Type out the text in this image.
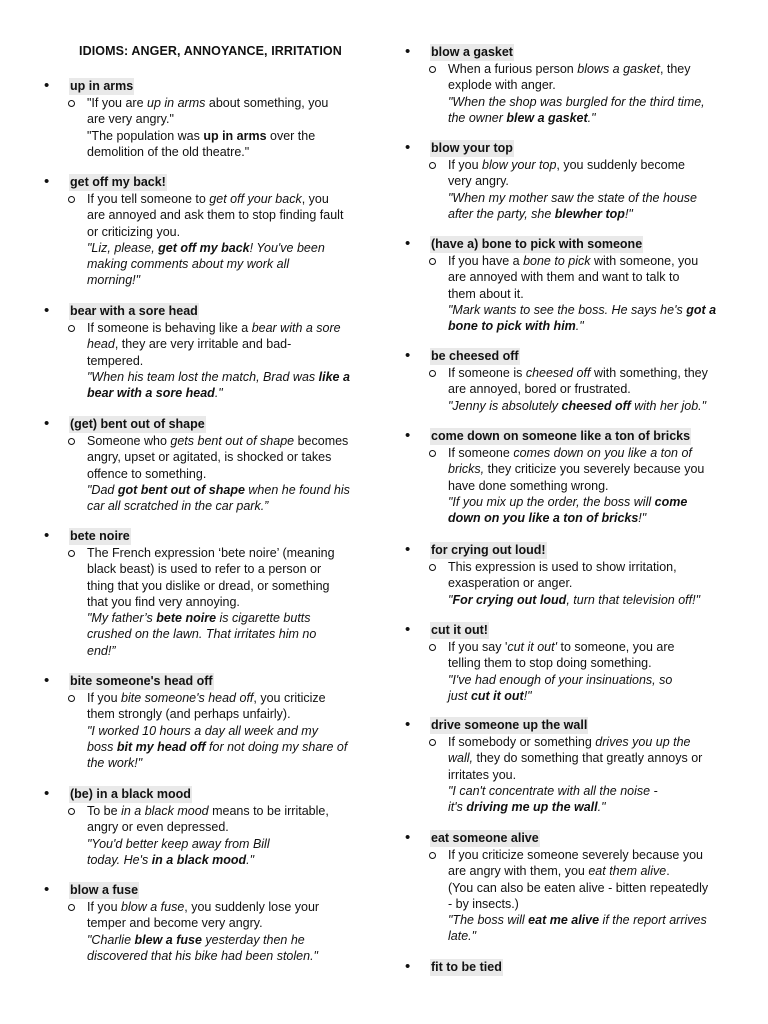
IDIOMS: ANGER, ANNOYANCE, IRRITATION
• up in arms
"If you are up in arms about something, you
are very angry."
"The population was up in arms over the
demolition of the old theatre."
• get off my back!
If you tell someone to get off your back, you
are annoyed and ask them to stop finding fault
or criticizing you.
"Liz, please, get off my back! You've been
making comments about my work all
morning!"
• bear with a sore head
If someone is behaving like a bear with a sore
head, they are very irritable and bad-
tempered.
"When his team lost the match, Brad was like a
bear with a sore head."
• (get) bent out of shape
Someone who gets bent out of shape becomes
angry, upset or agitated, is shocked or takes
offence to something.
"Dad got bent out of shape when he found his
car all scratched in the car park.”
• bete noire
The French expression ‘bete noire’ (meaning
black beast) is used to refer to a person or
thing that you dislike or dread, or something
that you find very annoying.
"My father’s bete noire is cigarette butts
crushed on the lawn. That irritates him no
end!”
• bite someone's head off
If you bite someone's head off, you criticize
them strongly (and perhaps unfairly).
"I worked 10 hours a day all week and my
boss bit my head off for not doing my share of
the work!"
• (be) in a black mood
To be in a black mood means to be irritable,
angry or even depressed.
"You'd better keep away from Bill
today. He's in a black mood."
• blow a fuse
If you blow a fuse, you suddenly lose your
temper and become very angry.
"Charlie blew a fuse yesterday then he
discovered that his bike had been stolen."
• blow a gasket
When a furious person blows a gasket, they
explode with anger.
"When the shop was burgled for the third time,
the owner blew a gasket."
• blow your top
If you blow your top, you suddenly become
very angry.
"When my mother saw the state of the house
after the party, she blewher top!"
• (have a) bone to pick with someone
If you have a bone to pick with someone, you
are annoyed with them and want to talk to
them about it.
"Mark wants to see the boss. He says he's got a
bone to pick with him."
• be cheesed off
If someone is cheesed off with something, they
are annoyed, bored or frustrated.
"Jenny is absolutely cheesed off with her job."
• come down on someone like a ton of bricks
If someone comes down on you like a ton of
bricks, they criticize you severely because you
have done something wrong.
"If you mix up the order, the boss will come
down on you like a ton of bricks!"
• for crying out loud!
This expression is used to show irritation,
exasperation or anger.
"For crying out loud, turn that television off!"
• cut it out!
If you say 'cut it out' to someone, you are
telling them to stop doing something.
"I've had enough of your insinuations, so
just cut it out!"
• drive someone up the wall
If somebody or something drives you up the
wall, they do something that greatly annoys or
irritates you.
"I can't concentrate with all the noise -
it's driving me up the wall."
• eat someone alive
If you criticize someone severely because you
are angry with them, you eat them alive.
(You can also be eaten alive - bitten repeatedly
- by insects.)
"The boss will eat me alive if the report arrives
late."
• fit to be tied
